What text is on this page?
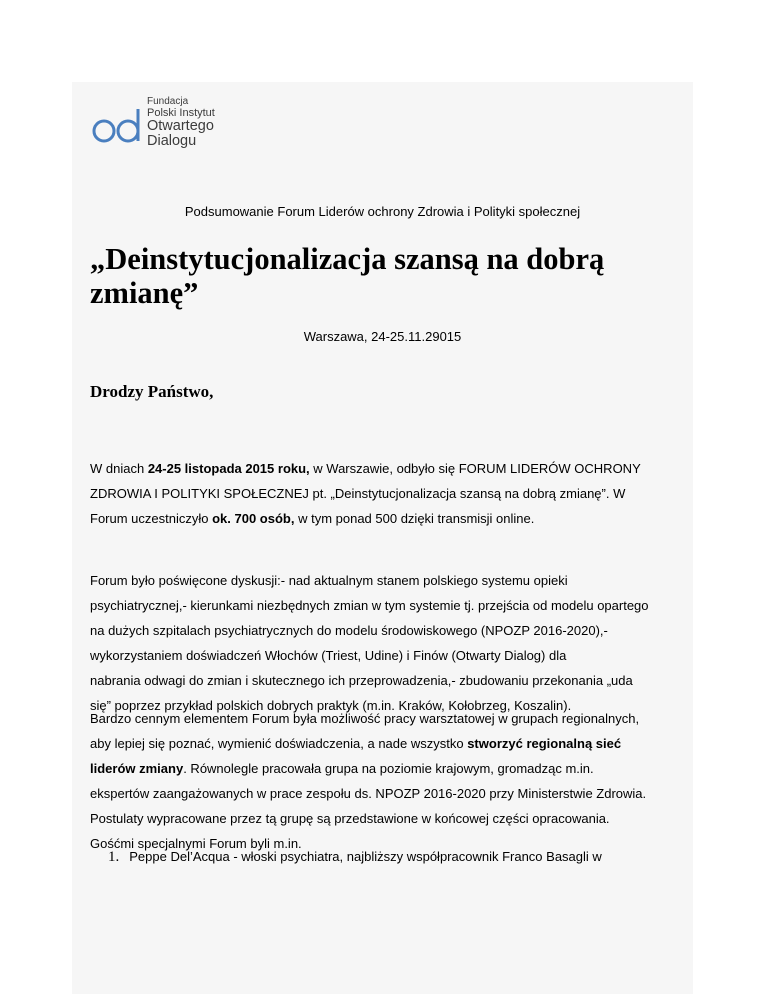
Fundacja
Polski Instytut
Otwartego
Dialogu
Podsumowanie Forum Liderów ochrony Zdrowia i Polityki społecznej
„Deinstytucjonalizacja szansą na dobrą
zmianę”
Warszawa, 24-25.11.29015
Drodzy Państwo,

W dniach 24-25 listopada 2015 roku, w Warszawie, odbyło się FORUM LIDERÓW OCHRONY
ZDROWIA I POLITYKI SPOŁECZNEJ pt. „Deinstytucjonalizacja szansą na dobrą zmianę”. W
Forum uczestniczyło ok. 700 osób, w tym ponad 500 dzięki transmisji online.

Forum było poświęcone dyskusji:- nad aktualnym stanem polskiego systemu opieki
psychiatrycznej,- kierunkami niezbędnych zmian w tym systemie tj. przejścia od modelu opartego
na dużych szpitalach psychiatrycznych do modelu środowiskowego (NPOZP 2016-2020),-
wykorzystaniem doświadczeń Włochów (Triest, Udine) i Finów (Otwarty Dialog) dla
nabrania odwagi do zmian i skutecznego ich przeprowadzenia,- zbudowaniu przekonania „uda
się” poprzez przykład polskich dobrych praktyk (m.in. Kraków, Kołobrzeg, Koszalin).

Bardzo cennym elementem Forum była możliwość pracy warsztatowej w grupach regionalnych,
aby lepiej się poznać, wymienić doświadczenia, a nade wszystko stworzyć regionalną sieć
liderów zmiany. Równolegle pracowała grupa na poziomie krajowym, gromadząc m.in.
ekspertów zaangażowanych w prace zespołu ds. NPOZP 2016-2020 przy Ministerstwie Zdrowia.
Postulaty wypracowane przez tą grupę są przedstawione w końcowej części opracowania.
Gośćmi specjalnymi Forum byli m.in.

1. Peppe Del’Acqua - włoski psychiatra, najbliższy współpracownik Franco Basagli w
